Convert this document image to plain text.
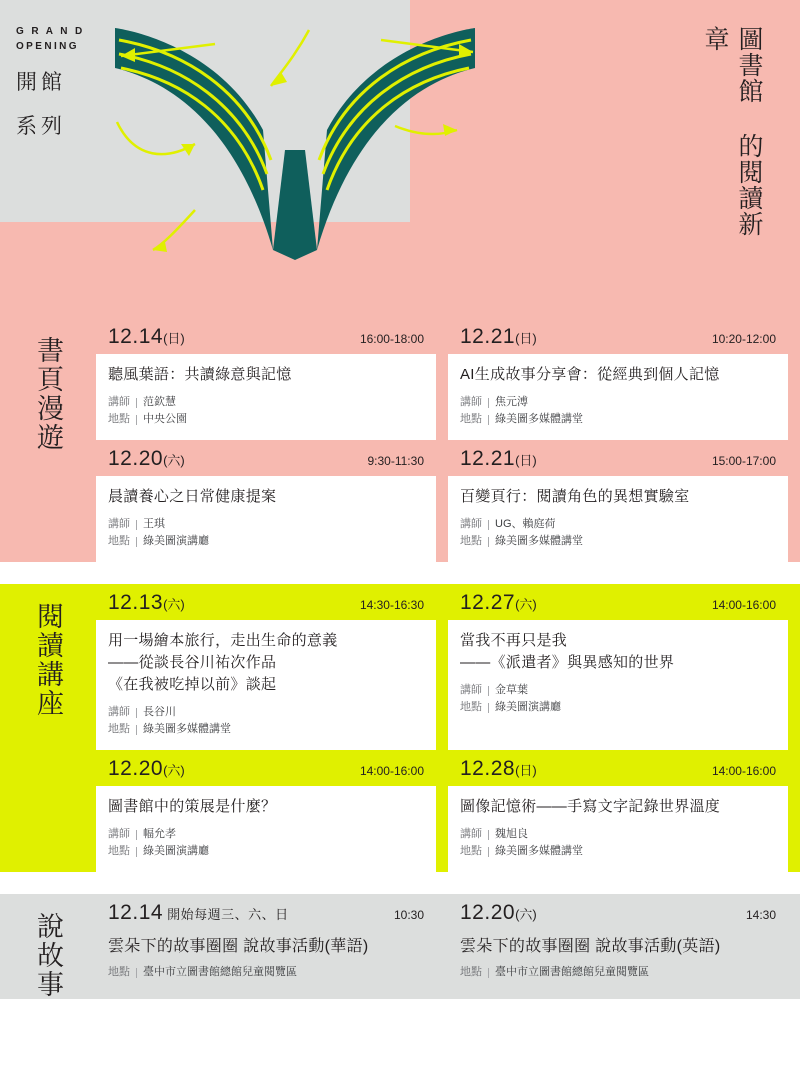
G R A N D
OPENING
開館
系列	圖書館 的閱讀新章
書頁漫遊 12.14(日)	16:00-18:00
聽風葉語：共讀綠意與記憶
講師 范欽慧
地點 中央公園
12.21(日)	10:20-12:00
AI生成故事分享會：從經典到個人記憶
講師 焦元溥
地點 綠美圖多媒體講堂
12.20(六)	9:30-11:30
晨讀養心之日常健康提案
講師 王琪
地點 綠美圖演講廳
12.21(日)	15:00-17:00
百變頁行：閱讀角色的異想實驗室
講師 UG、賴庭荷
地點 綠美圖多媒體講堂
閱讀講座 12.13(六)	14:30-16:30
用一場繪本旅行，走出生命的意義
——從談長谷川祐次作品
《在我被吃掉以前》談起
講師 長谷川
地點 綠美圖多媒體講堂
12.27(六)	14:00-16:00
當我不再只是我
——《派遣者》與異感知的世界
講師 金草葉
地點 綠美圖演講廳
12.20(六)	14:00-16:00
圖書館中的策展是什麼？
講師 幅允孝
地點 綠美圖演講廳
12.28(日)	14:00-16:00
圖像記憶術——手寫文字記錄世界溫度
講師 魏旭良
地點 綠美圖多媒體講堂
說故事 12.14 開始每週三、六、日	10:30
雲朵下的故事圈圈 說故事活動(華語)
地點 臺中市立圖書館總館兒童閱覽區
12.20(六)	14:30
雲朵下的故事圈圈 說故事活動(英語)
地點 臺中市立圖書館總館兒童閱覽區
